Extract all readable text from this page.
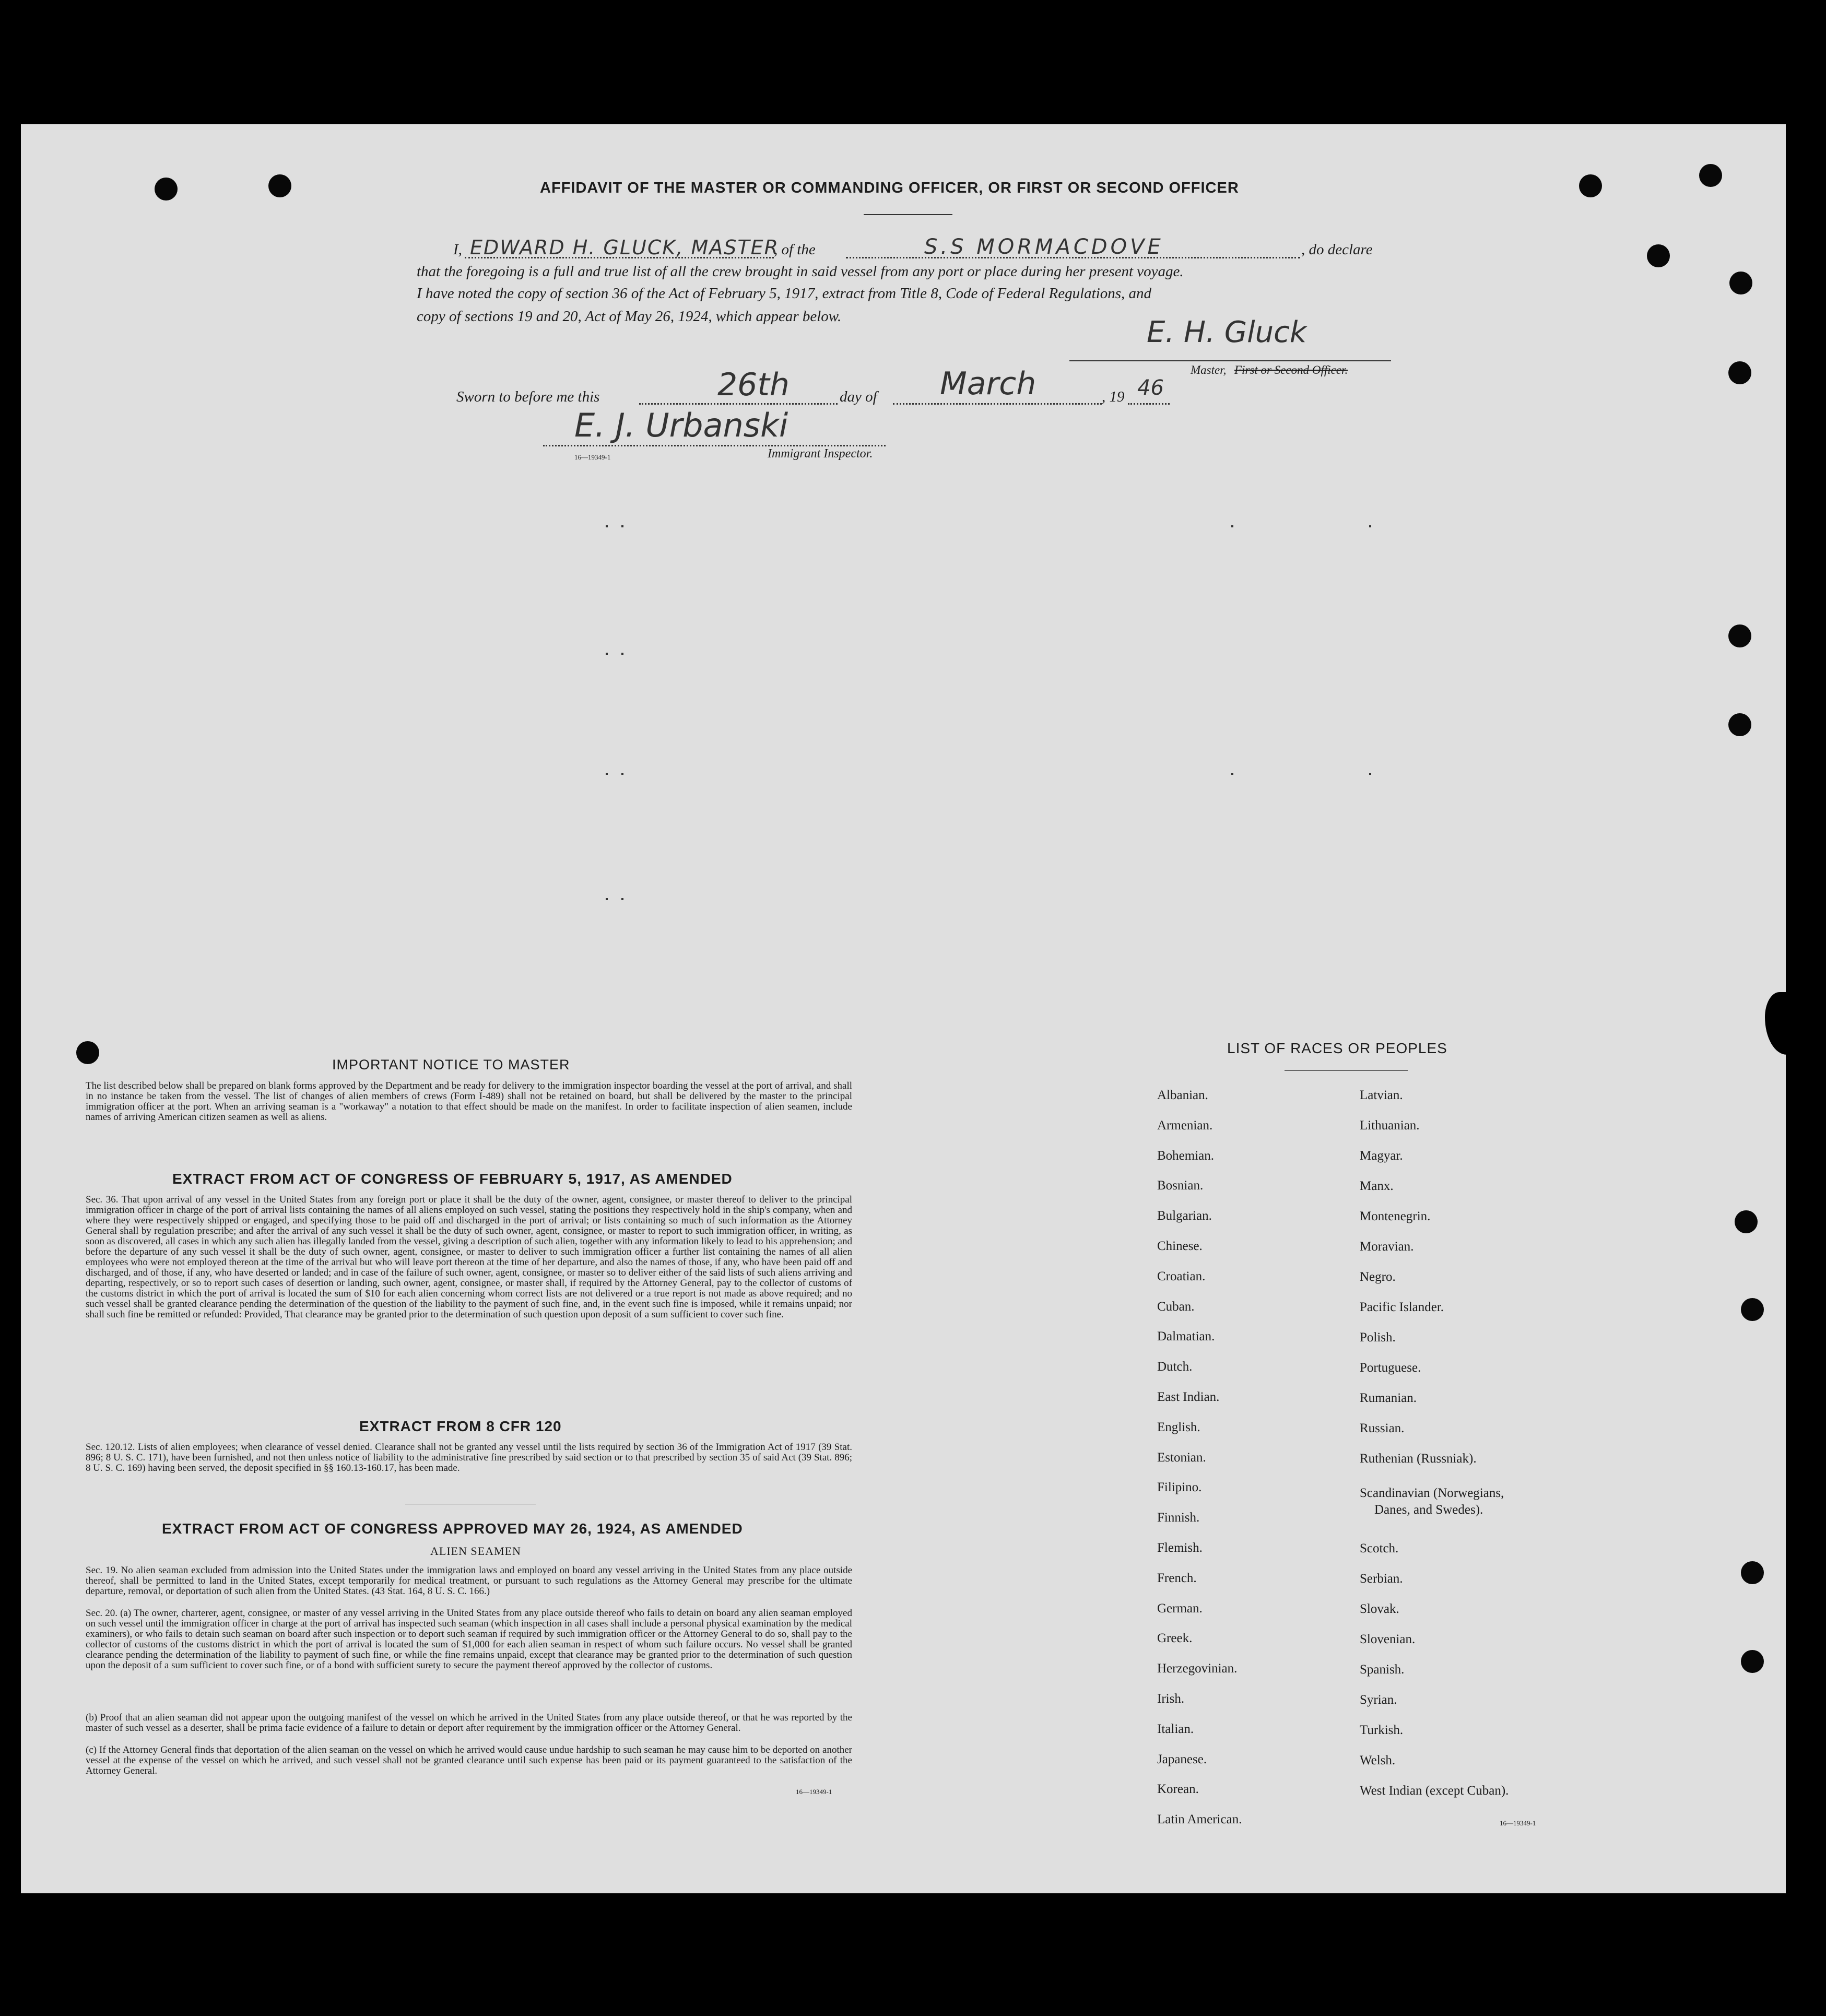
AFFIDAVIT OF THE MASTER OR COMMANDING OFFICER, OR FIRST OR SECOND OFFICER
I, EDWARD H. GLUCK, MASTER
, of the	S.S MORMACDOVE	, do declare
that the foregoing is a full and true list of all the crew brought in said vessel from any port or place during her present voyage.
I have noted the copy of section 36 of the Act of February 5, 1917, extract from Title 8, Code of Federal Regulations, and
copy of sections 19 and 20, Act of May 26, 1924, which appear below.	E. H. Gluck
Master, First or Second Officer.
Sworn to before me this	26th	day of March	, 19 46
E. J. Urbanski
16—19349-1	Immigrant Inspector.
IMPORTANT NOTICE TO MASTER
The list described below shall be prepared on blank forms approved by the Department and be ready for delivery to the immigration inspector boarding the vessel at the port of arrival, and shall in no instance be taken from the vessel. The list of changes of alien members of crews (Form I-489) shall not be retained on board, but shall be delivered by the master to the principal immigration officer at the port. When an arriving seaman is a "workaway" a notation to that effect should be made on the manifest. In order to facilitate inspection of alien seamen, include names of arriving American citizen seamen as well as aliens.
EXTRACT FROM ACT OF CONGRESS OF FEBRUARY 5, 1917, AS AMENDED
Sec. 36. That upon arrival of any vessel in the United States from any foreign port or place it shall be the duty of the owner, agent, consignee, or master thereof to deliver to the principal immigration officer in charge of the port of arrival lists containing the names of all aliens employed on such vessel, stating the positions they respectively hold in the ship's company, when and where they were respectively shipped or engaged, and specifying those to be paid off and discharged in the port of arrival; or lists containing so much of such information as the Attorney General shall by regulation prescribe; and after the arrival of any such vessel it shall be the duty of such owner, agent, consignee, or master to report to such immigration officer, in writing, as soon as discovered, all cases in which any such alien has illegally landed from the vessel, giving a description of such alien, together with any information likely to lead to his apprehension; and before the departure of any such vessel it shall be the duty of such owner, agent, consignee, or master to deliver to such immigration officer a further list containing the names of all alien employees who were not employed thereon at the time of the arrival but who will leave port thereon at the time of her departure, and also the names of those, if any, who have been paid off and discharged, and of those, if any, who have deserted or landed; and in case of the failure of such owner, agent, consignee, or master so to deliver either of the said lists of such aliens arriving and departing, respectively, or so to report such cases of desertion or landing, such owner, agent, consignee, or master shall, if required by the Attorney General, pay to the collector of customs of the customs district in which the port of arrival is located the sum of $10 for each alien concerning whom correct lists are not delivered or a true report is not made as above required; and no such vessel shall be granted clearance pending the determination of the question of the liability to the payment of such fine, and, in the event such fine is imposed, while it remains unpaid; nor shall such fine be remitted or refunded: Provided, That clearance may be granted prior to the determination of such question upon deposit of a sum sufficient to cover such fine.
EXTRACT FROM 8 CFR 120
Sec. 120.12. Lists of alien employees; when clearance of vessel denied. Clearance shall not be granted any vessel until the lists required by section 36 of the Immigration Act of 1917 (39 Stat. 896; 8 U. S. C. 171), have been furnished, and not then unless notice of liability to the administrative fine prescribed by said section or to that prescribed by section 35 of said Act (39 Stat. 896; 8 U. S. C. 169) having been served, the deposit specified in §§ 160.13-160.17, has been made.
EXTRACT FROM ACT OF CONGRESS APPROVED MAY 26, 1924, AS AMENDED
ALIEN SEAMEN
Sec. 19. No alien seaman excluded from admission into the United States under the immigration laws and employed on board any vessel arriving in the United States from any place outside thereof, shall be permitted to land in the United States, except temporarily for medical treatment, or pursuant to such regulations as the Attorney General may prescribe for the ultimate departure, removal, or deportation of such alien from the United States. (43 Stat. 164, 8 U. S. C. 166.)
Sec. 20. (a) The owner, charterer, agent, consignee, or master of any vessel arriving in the United States from any place outside thereof who fails to detain on board any alien seaman employed on such vessel until the immigration officer in charge at the port of arrival has inspected such seaman (which inspection in all cases shall include a personal physical examination by the medical examiners), or who fails to detain such seaman on board after such inspection or to deport such seaman if required by such immigration officer or the Attorney General to do so, shall pay to the collector of customs of the customs district in which the port of arrival is located the sum of $1,000 for each alien seaman in respect of whom such failure occurs. No vessel shall be granted clearance pending the determination of the liability to payment of such fine, or while the fine remains unpaid, except that clearance may be granted prior to the determination of such question upon the deposit of a sum sufficient to cover such fine, or of a bond with sufficient surety to secure the payment thereof approved by the collector of customs.
(b) Proof that an alien seaman did not appear upon the outgoing manifest of the vessel on which he arrived in the United States from any place outside thereof, or that he was reported by the master of such vessel as a deserter, shall be prima facie evidence of a failure to detain or deport after requirement by the immigration officer or the Attorney General.
(c) If the Attorney General finds that deportation of the alien seaman on the vessel on which he arrived would cause undue hardship to such seaman he may cause him to be deported on another vessel at the expense of the vessel on which he arrived, and such vessel shall not be granted clearance until such expense has been paid or its payment guaranteed to the satisfaction of the Attorney General.
16—19349-1
LIST OF RACES OR PEOPLES
Albanian.
Armenian.
Bohemian.
Bosnian.
Bulgarian.
Chinese.
Croatian.
Cuban.
Dalmatian.
Dutch.
East Indian.
English.
Estonian.
Filipino.
Finnish.
Flemish.
French.
German.
Greek.
Herzegovinian.
Irish.
Italian.
Japanese.
Korean.
Latin American.
Latvian.
Lithuanian.
Magyar.
Manx.
Montenegrin.
Moravian.
Negro.
Pacific Islander.
Polish.
Portuguese.
Rumanian.
Russian.
Ruthenian (Russniak).
Scandinavian (Norwegians,
Danes, and Swedes).
Scotch.
Serbian.
Slovak.
Slovenian.
Spanish.
Syrian.
Turkish.
Welsh.
West Indian (except Cuban).
16—19349-1
